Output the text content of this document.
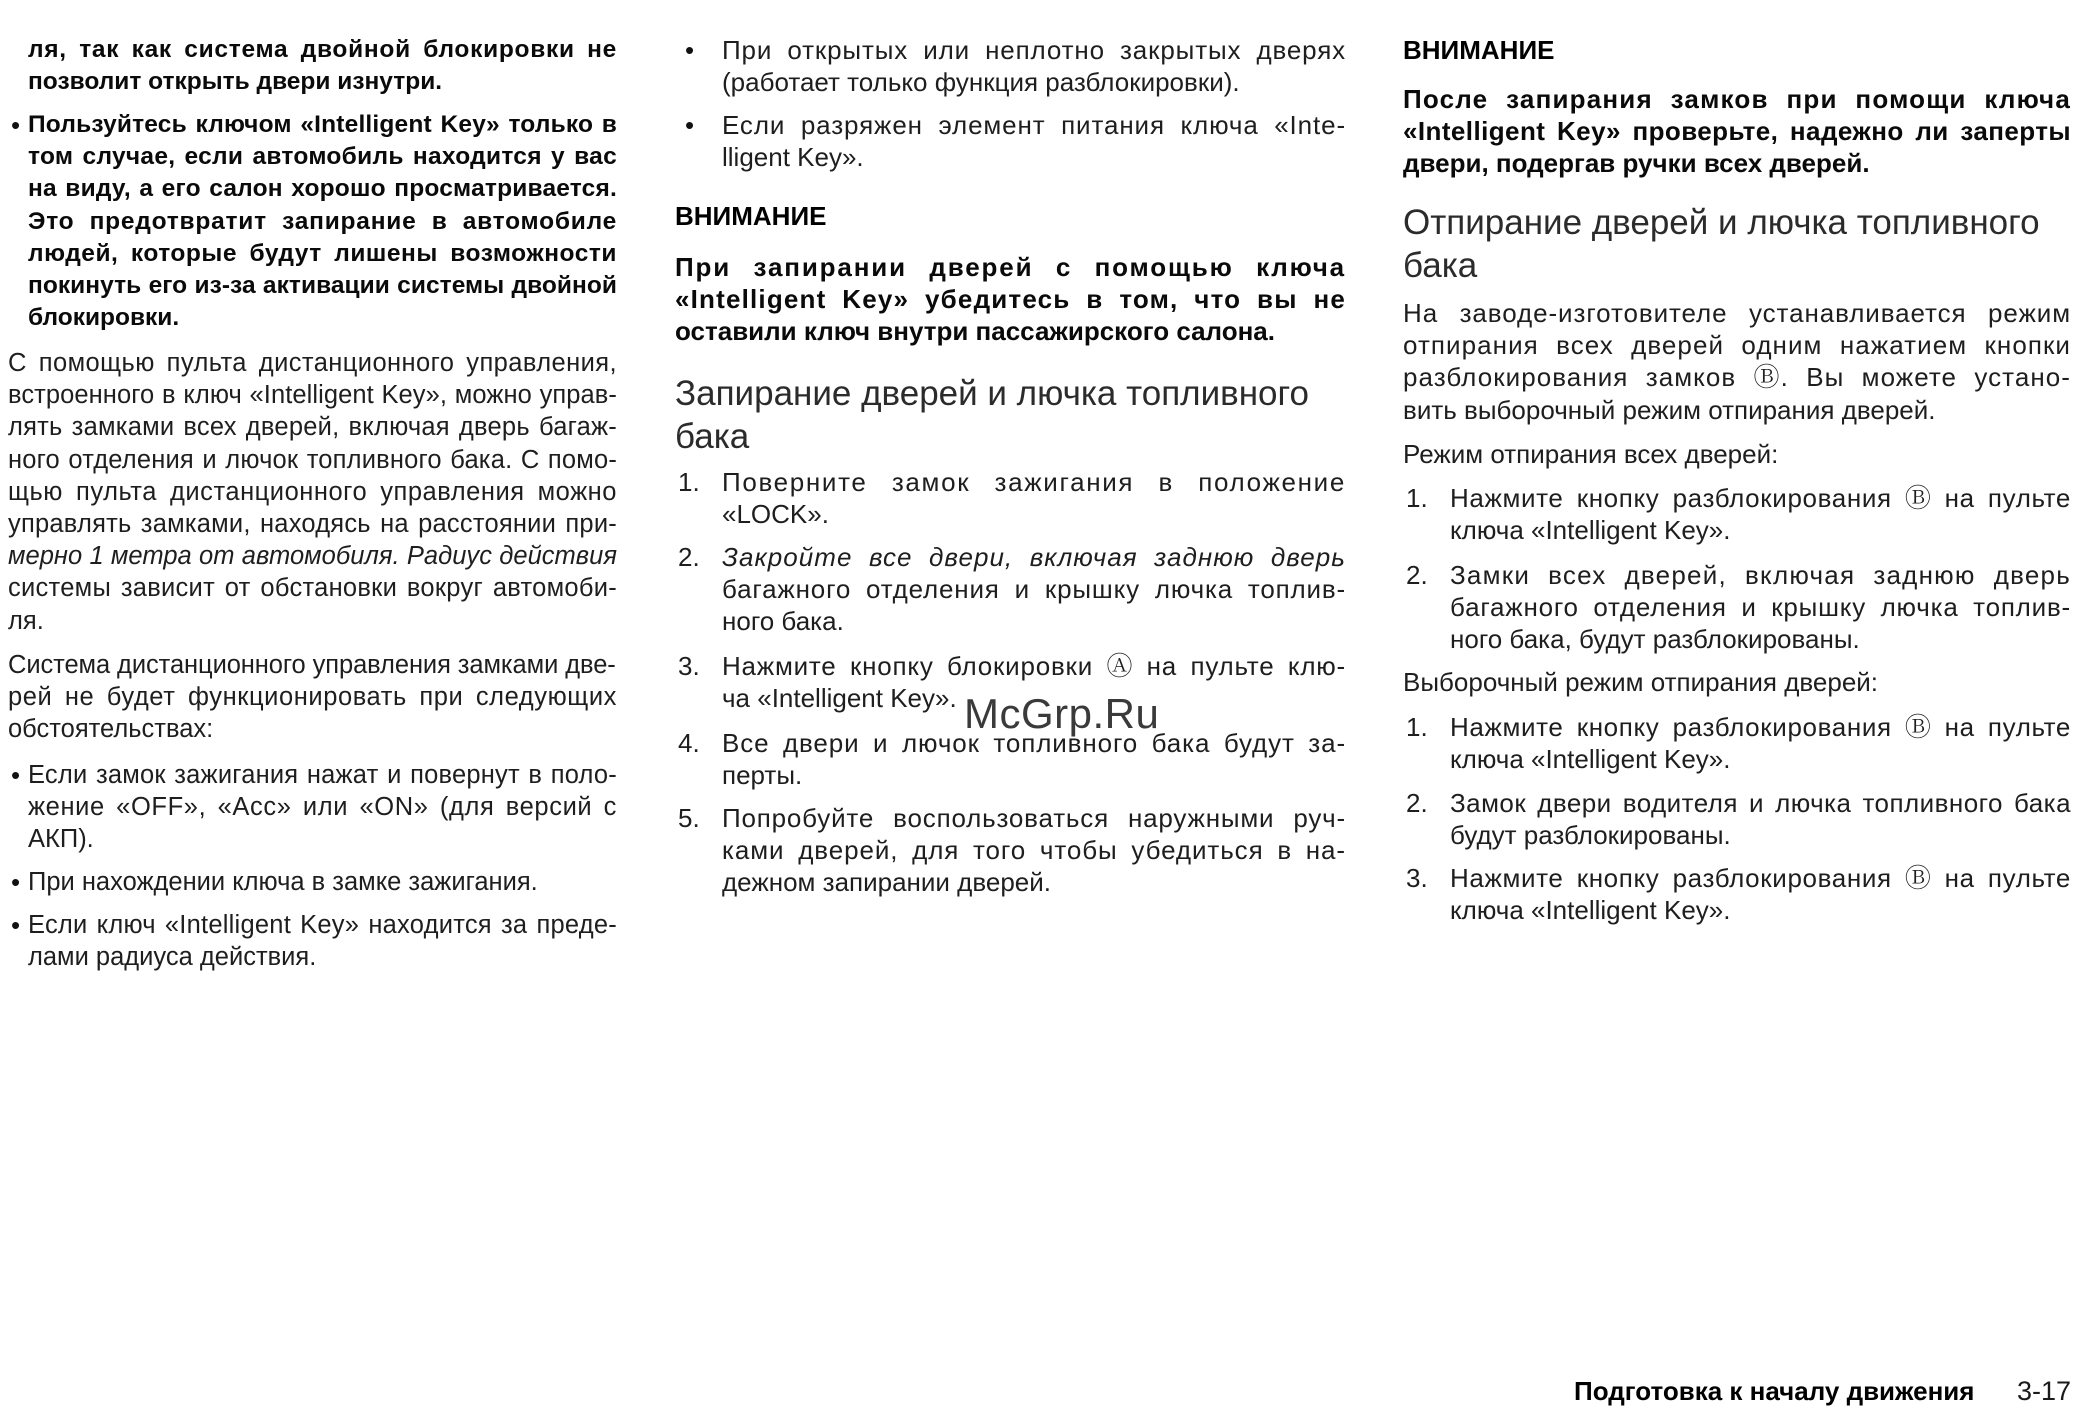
ля, так как система двойной блокировки не
позволит открыть двери изнутри.
•
Пользуйтесь ключом «Intelligent Key» только в
том случае, если автомобиль находится у вас
на виду, а его салон хорошо просматривается.
Это предотвратит запирание в автомобиле
людей, которые будут лишены возможности
покинуть его из-за активации системы двойной
блокировки.
С помощью пульта дистанционного управления,
встроенного в ключ «Intelligent Key», можно управ-
лять замками всех дверей, включая дверь багаж-
ного отделения и лючок топливного бака. С помо-
щью пульта дистанционного управления можно
управлять замками, находясь на расстоянии при-
мерно 1 метра от автомобиля. Радиус действия
системы зависит от обстановки вокруг автомоби-
ля.
Система дистанционного управления замками две-
рей не будет функционировать при следующих
обстоятельствах:
•
Если замок зажигания нажат и повернут в поло-
жение «OFF», «Acc» или «ON» (для версий с
АКП).
•
При нахождении ключа в замке зажигания.
•
Если ключ «Intelligent Key» находится за преде-
лами радиуса действия.
•
При открытых или неплотно закрытых дверях
(работает только функция разблокировки).
•
Если разряжен элемент питания ключа «Inte-
lligent Key».
ВНИМАНИЕ
При запирании дверей с помощью ключа
«Intelligent Key» убедитесь в том, что вы не
оставили ключ внутри пассажирского салона.
Запирание дверей и лючка топливного
бака
1. Поверните замок зажигания в положение
«LOCK».
2. Закройте все двери, включая заднюю дверь
багажного отделения и крышку лючка топлив-
ного бака.
3. Нажмите кнопку блокировки Ⓐ на пульте клю-
ча «Intelligent Key».
4. Все двери и лючок топливного бака будут за-
перты.
5. Попробуйте воспользоваться наружными руч-
ками дверей, для того чтобы убедиться в на-
дежном запирании дверей.
ВНИМАНИЕ
После запирания замков при помощи ключа
«Intelligent Key» проверьте, надежно ли заперты
двери, подергав ручки всех дверей.
Отпирание дверей и лючка топливного
бака
На заводе-изготовителе устанавливается режим
отпирания всех дверей одним нажатием кнопки
разблокирования замков Ⓑ. Вы можете устано-
вить выборочный режим отпирания дверей.
Режим отпирания всех дверей:
1. Нажмите кнопку разблокирования Ⓑ на пульте
ключа «Intelligent Key».
2. Замки всех дверей, включая заднюю дверь
багажного отделения и крышку лючка топлив-
ного бака, будут разблокированы.
Выборочный режим отпирания дверей:
1. Нажмите кнопку разблокирования Ⓑ на пульте
ключа «Intelligent Key».
2. Замок двери водителя и лючка топливного бака
будут разблокированы.
3. Нажмите кнопку разблокирования Ⓑ на пульте
ключа «Intelligent Key».
McGrp.Ru
Подготовка к началу движения 3-17
